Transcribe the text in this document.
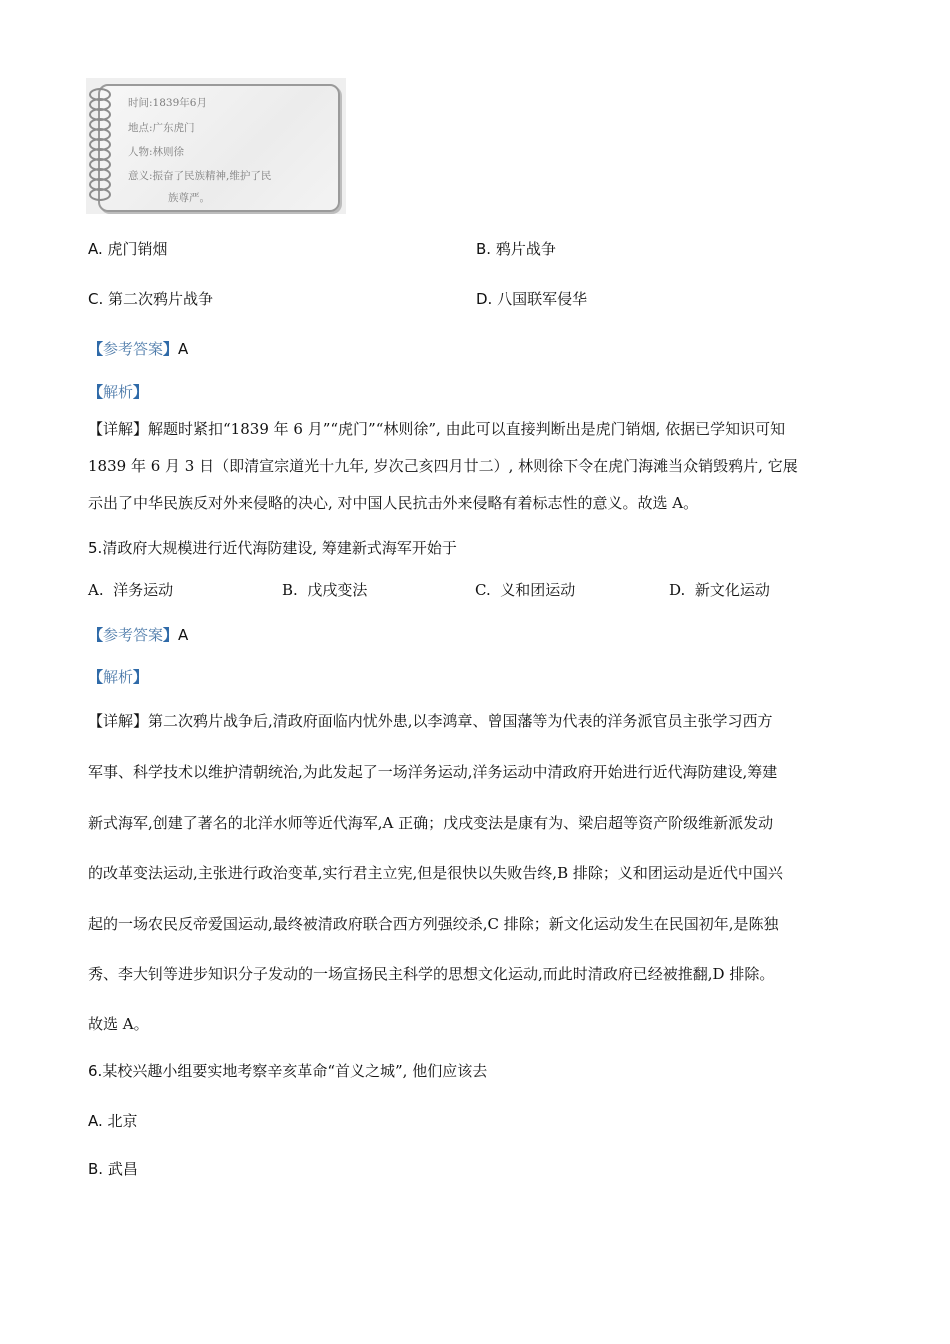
时间:1839年6月
地点:广东虎门
人物:林则徐
意义:振奋了民族精神,维护了民
族尊严。
A. 虎门销烟	B. 鸦片战争
C. 第二次鸦片战争	D. 八国联军侵华
【参考答案】A
【解析】
【详解】解题时紧扣“1839 年 6 月”“虎门”“林则徐”, 由此可以直接判断出是虎门销烟, 依据已学知识可知
1839 年 6 月 3 日（即清宣宗道光十九年, 岁次己亥四月廿二）, 林则徐下令在虎门海滩当众销毁鸦片, 它展
示出了中华民族反对外来侵略的决心, 对中国人民抗击外来侵略有着标志性的意义。故选 A。
5.清政府大规模进行近代海防建设, 筹建新式海军开始于
A. 洋务运动	B. 戊戌变法	C. 义和团运动	D. 新文化运动
【参考答案】A
【解析】
【详解】第二次鸦片战争后,清政府面临内忧外患,以李鸿章、曾国藩等为代表的洋务派官员主张学习西方
军事、科学技术以维护清朝统治,为此发起了一场洋务运动,洋务运动中清政府开始进行近代海防建设,筹建
新式海军,创建了著名的北洋水师等近代海军,A 正确；戊戌变法是康有为、梁启超等资产阶级维新派发动
的改革变法运动,主张进行政治变革,实行君主立宪,但是很快以失败告终,B 排除；义和团运动是近代中国兴
起的一场农民反帝爱国运动,最终被清政府联合西方列强绞杀,C 排除；新文化运动发生在民国初年,是陈独
秀、李大钊等进步知识分子发动的一场宣扬民主科学的思想文化运动,而此时清政府已经被推翻,D 排除。
故选 A。
6.某校兴趣小组要实地考察辛亥革命“首义之城”, 他们应该去
A. 北京
B. 武昌
